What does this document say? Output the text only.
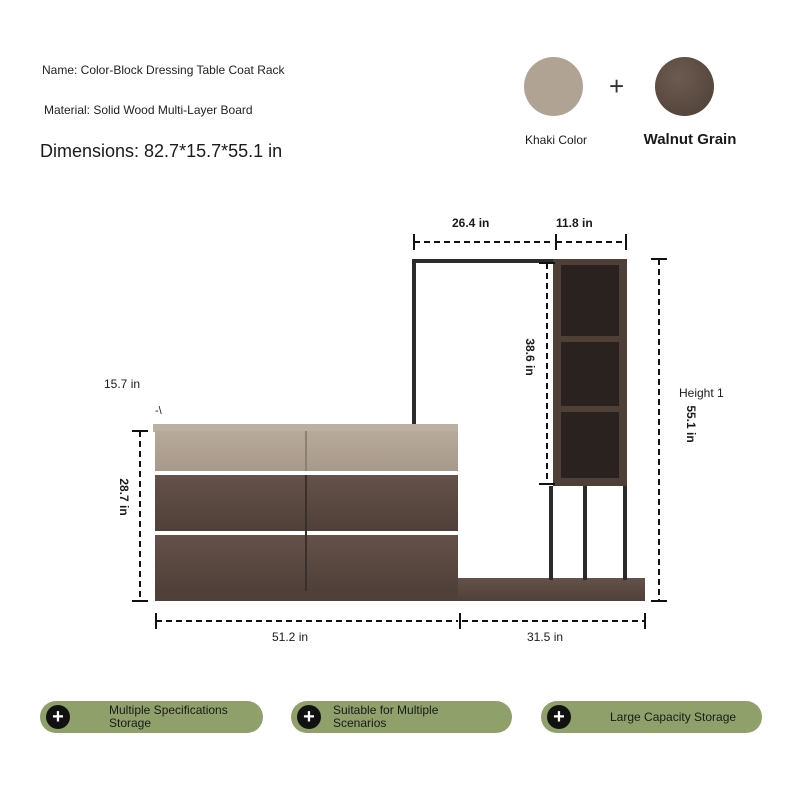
Name: Color-Block Dressing Table Coat Rack
Material: Solid Wood Multi-Layer Board
Dimensions: 82.7*15.7*55.1 in
+
Khaki Color	Walnut Grain
26.4 in	11.8 in
15.7 in
-\
38.6 in
Height 1
55.1 in
28.7 in
51.2 in	31.5 in
+	Multiple Specifications Storage	+	Suitable for Multiple Scenarios	+	Large Capacity Storage
